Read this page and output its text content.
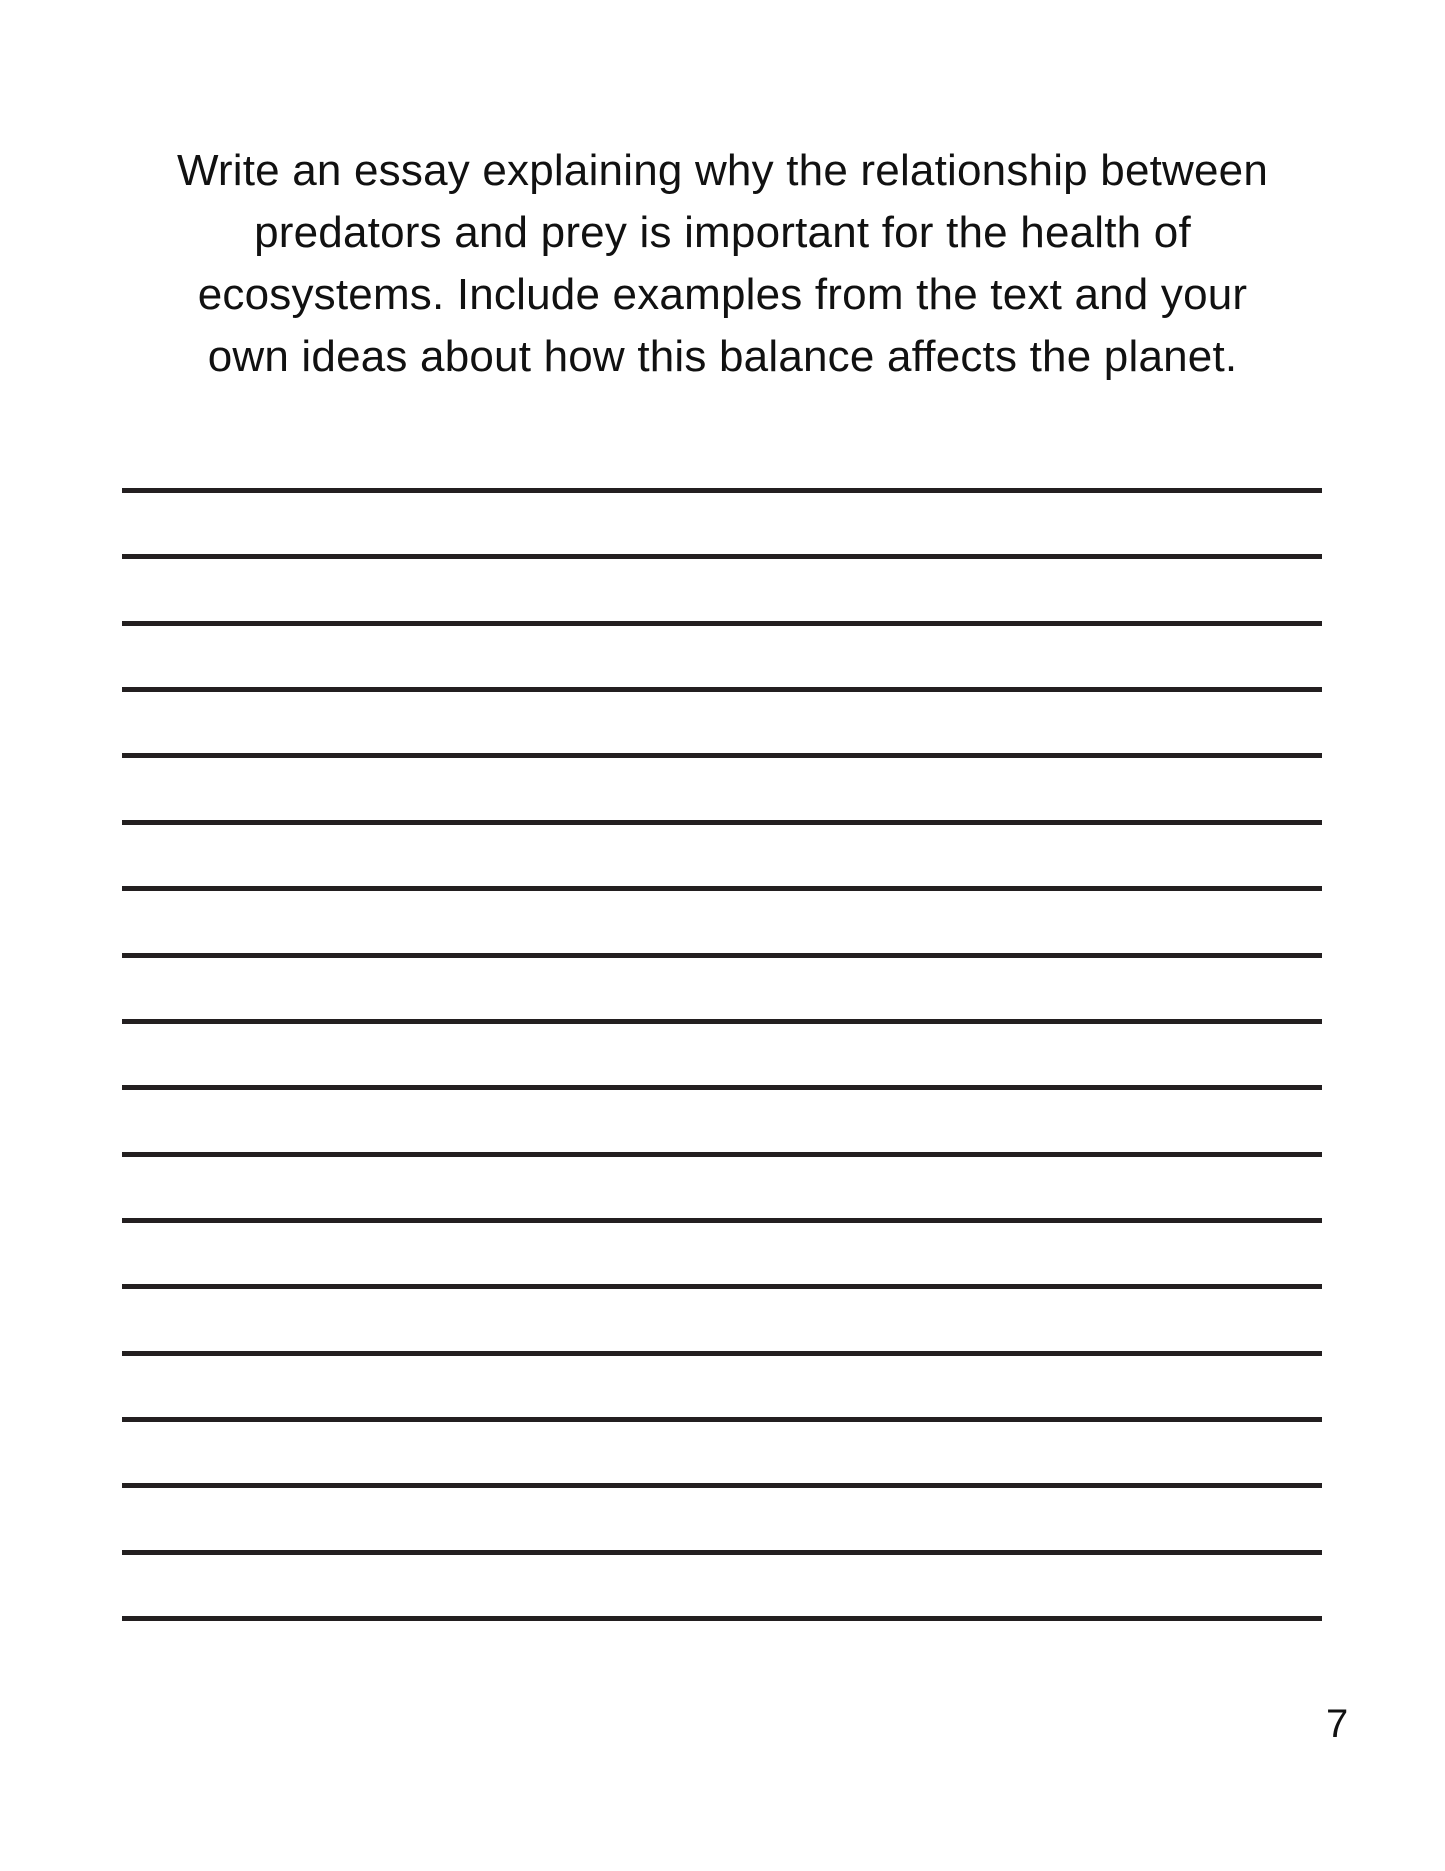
Write an essay explaining why the relationship between
predators and prey is important for the health of
ecosystems. Include examples from the text and your
own ideas about how this balance affects the planet.

7
